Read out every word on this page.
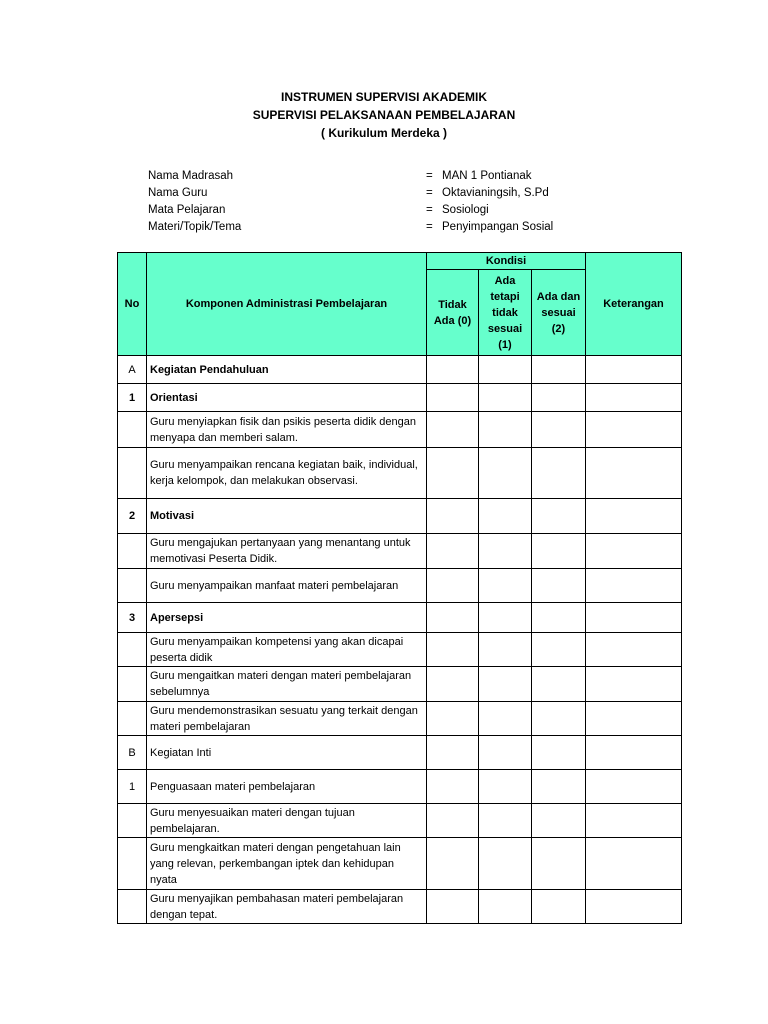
INSTRUMEN SUPERVISI AKADEMIK
SUPERVISI PELAKSANAAN PEMBELAJARAN
( Kurikulum Merdeka )
Nama Madrasah	= MAN 1 Pontianak
Nama Guru	= Oktavianingsih, S.Pd
Mata Pelajaran	= Sosiologi
Materi/Topik/Tema	= Penyimpangan Sosial
No	Komponen Administrasi Pembelajaran	Kondisi			Keterangan
		Tidak Ada (0)	Ada tetapi tidak sesuai (1)	Ada dan sesuai (2)	
A	Kegiatan Pendahuluan				
1	Orientasi				
	Guru menyiapkan fisik dan psikis peserta didik dengan menyapa dan memberi salam.				
	Guru menyampaikan rencana kegiatan baik, individual, kerja kelompok, dan melakukan observasi.				
2	Motivasi				
	Guru mengajukan pertanyaan yang menantang untuk memotivasi Peserta Didik.				
	Guru menyampaikan manfaat materi pembelajaran				
3	Apersepsi				
	Guru menyampaikan kompetensi yang akan dicapai peserta didik				
	Guru mengaitkan materi dengan materi pembelajaran sebelumnya				
	Guru mendemonstrasikan sesuatu yang terkait dengan materi pembelajaran				
B	Kegiatan Inti				
1	Penguasaan materi pembelajaran				
	Guru menyesuaikan materi dengan tujuan pembelajaran.				
	Guru mengkaitkan materi dengan pengetahuan lain yang relevan, perkembangan iptek dan kehidupan nyata				
	Guru menyajikan pembahasan materi pembelajaran dengan tepat.				
